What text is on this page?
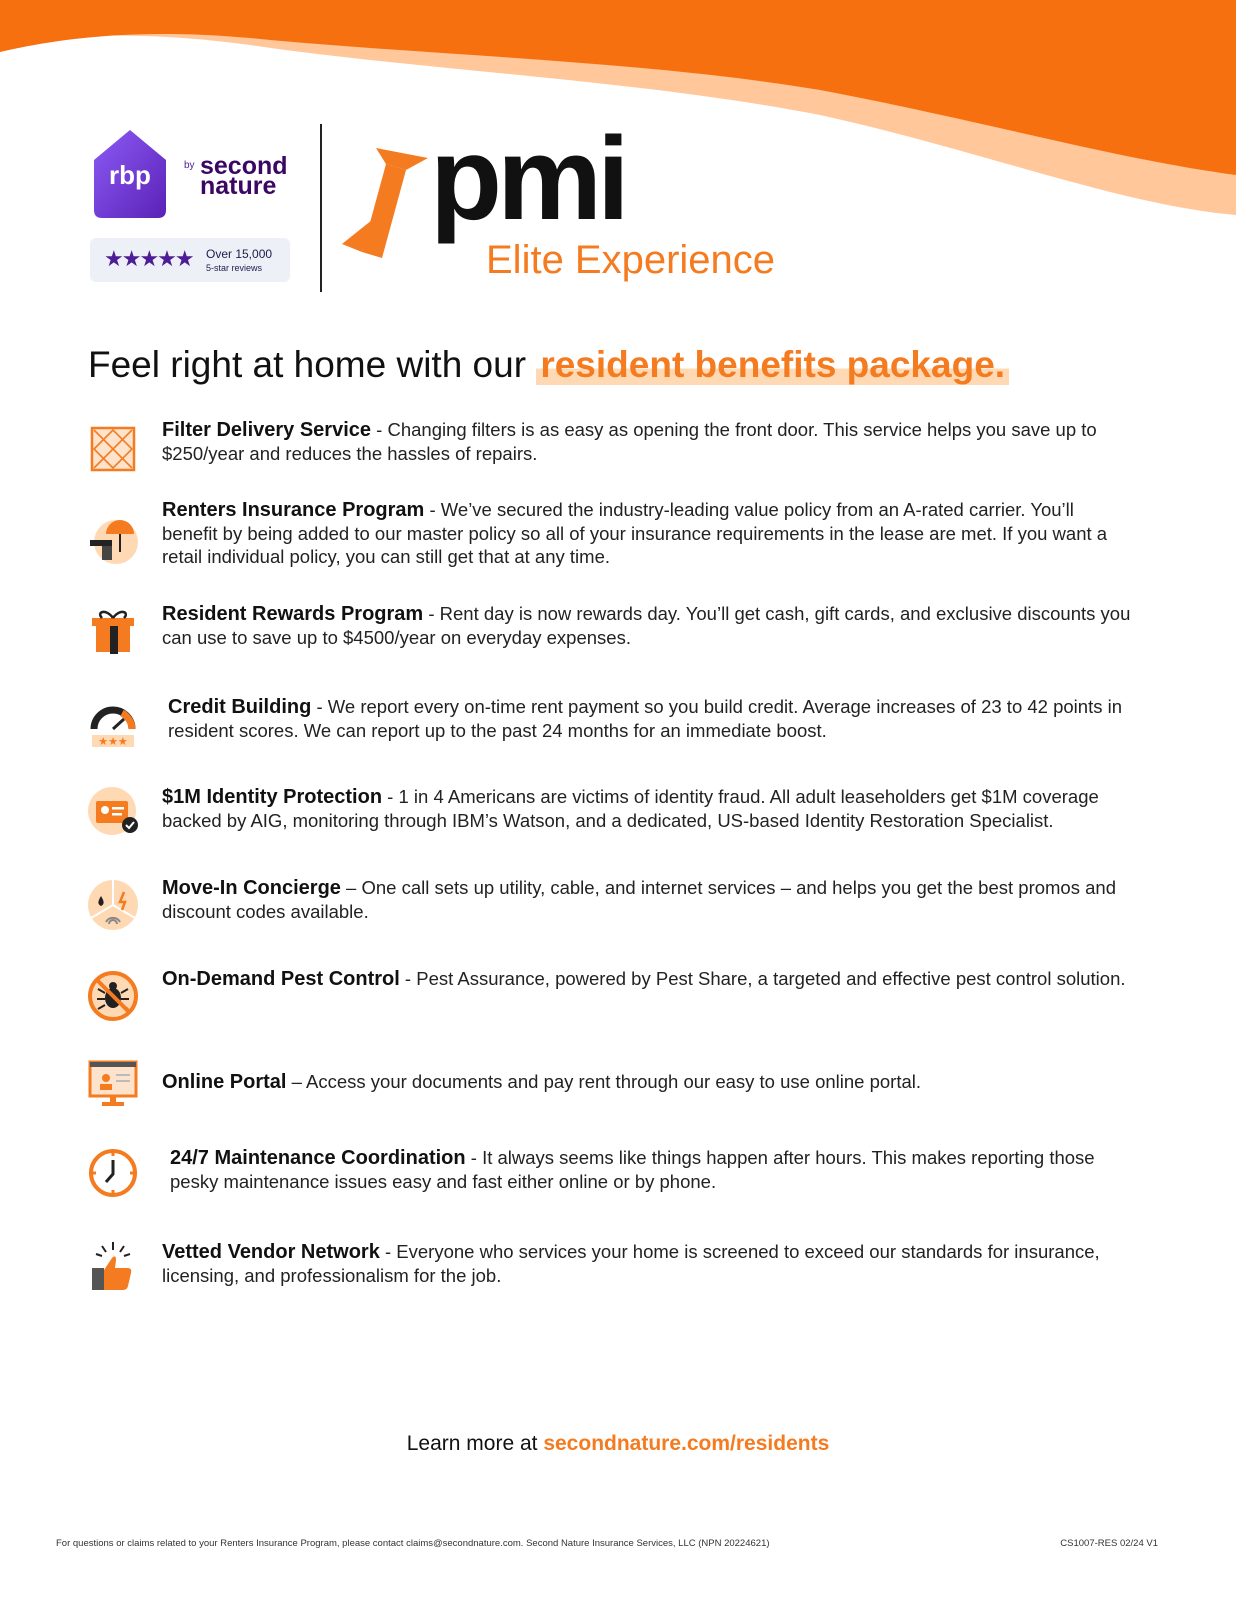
rbp	by second
nature
★★★★★ Over 15,000
5-star reviews
pmi
Elite Experience
Feel right at home with our resident benefits package.
Filter Delivery Service - Changing filters is as easy as opening the front door. This service helps you save up to $250/year and reduces the hassles of repairs.
Renters Insurance Program - We’ve secured the industry-leading value policy from an A-rated carrier. You’ll benefit by being added to our master policy so all of your insurance requirements in the lease are met. If you want a retail individual policy, you can still get that at any time.
Resident Rewards Program - Rent day is now rewards day. You’ll get cash, gift cards, and exclusive discounts you can use to save up to $4500/year on everyday expenses.
★★★
Credit Building - We report every on-time rent payment so you build credit. Average increases of 23 to 42 points in resident scores. We can report up to the past 24 months for an immediate boost.
$1M Identity Protection - 1 in 4 Americans are victims of identity fraud. All adult leaseholders get $1M coverage backed by AIG, monitoring through IBM’s Watson, and a dedicated, US-based Identity Restoration Specialist.
Move-In Concierge – One call sets up utility, cable, and internet services – and helps you get the best promos and discount codes available.
On-Demand Pest Control - Pest Assurance, powered by Pest Share, a targeted and effective pest control solution.
Online Portal – Access your documents and pay rent through our easy to use online portal.
24/7 Maintenance Coordination - It always seems like things happen after hours. This makes reporting those pesky maintenance issues easy and fast either online or by phone.
Vetted Vendor Network - Everyone who services your home is screened to exceed our standards for insurance, licensing, and professionalism for the job.
Learn more at secondnature.com/residents
For questions or claims related to your Renters Insurance Program, please contact claims@secondnature.com. Second Nature Insurance Services, LLC (NPN 20224621)	CS1007-RES 02/24 V1
